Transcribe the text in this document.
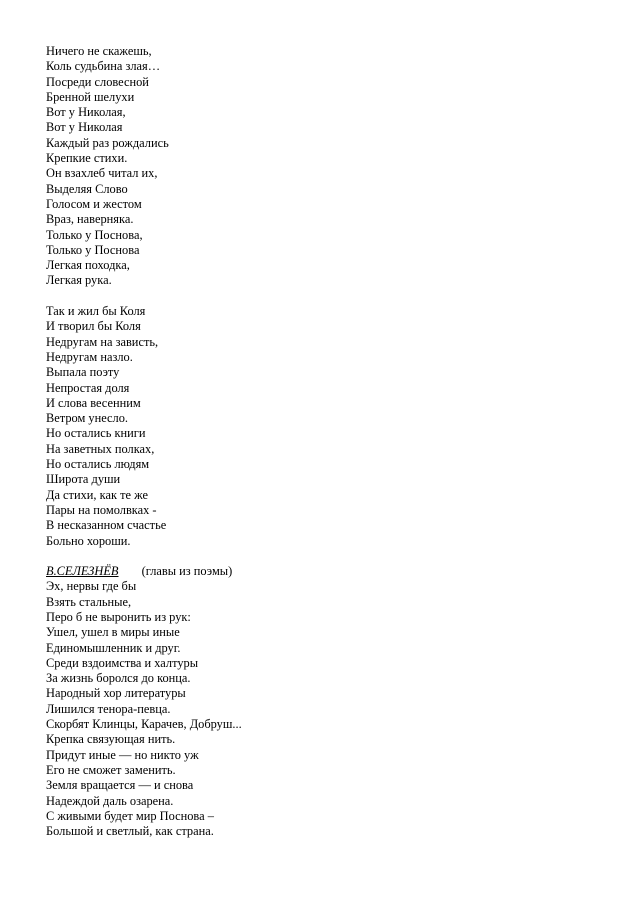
Ничего не скажешь,
Коль судьбина злая…
Посреди словесной
Бренной шелухи
Вот у Николая,
Вот у Николая
Каждый раз рождались
Крепкие стихи.
Он взахлеб читал их,
Выделяя Слово
Голосом и жестом
Враз, наверняка.
Только у Поснова,
Только у Поснова
Легкая походка,
Легкая рука.
Так и жил бы Коля
И творил бы Коля
Недругам на зависть,
Недругам назло.
Выпала поэту
Непростая доля
И слова весенним
Ветром унесло.
Но остались книги
На заветных полках,
Но остались людям
Широта души
Да стихи, как те же
Пары на помолвках -
В несказанном счастье
Больно хороши.
В.СЕЛЕЗНЁВ (главы из поэмы)
Эх, нервы где бы
Взять стальные,
Перо б не выронить из рук:
Ушел, ушел в миры иные
Единомышленник и друг.
Среди вздоимства и халтуры
За жизнь боролся до конца.
Народный хор литературы
Лишился тенора-певца.
Скорбят Клинцы, Карачев, Добруш...
Крепка связующая нить.
Придут иные — но никто уж
Его не сможет заменить.
Земля вращается — и снова
Надеждой даль озарена.
С живыми будет мир Поснова –
Большой и светлый, как страна.
